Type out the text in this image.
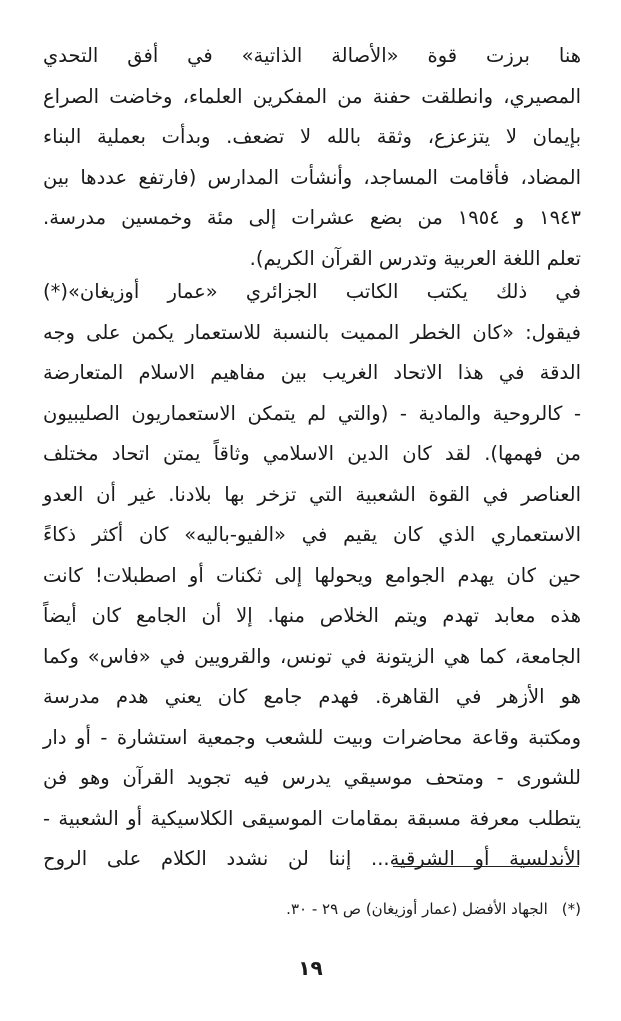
هنا برزت قوة «الأصالة الذاتية» في أفق التحدي
المصيري، وانطلقت حفنة من المفكرين العلماء، وخاضت الصراع
بإيمان لا يتزعزع، وثقة بالله لا تضعف. وبدأت بعملية البناء
المضاد، فأقامت المساجد، وأنشأت المدارس (فارتفع عددها بين
١٩٤٣ و ١٩٥٤ من بضع عشرات إلى مئة وخمسين مدرسة.
تعلم اللغة العربية وتدرس القرآن الكريم).
في ذلك يكتب الكاتب الجزائري «عمار أوزيغان»(*)
فيقول: «كان الخطر المميت بالنسبة للاستعمار يكمن على وجه
الدقة في هذا الاتحاد الغريب بين مفاهيم الاسلام المتعارضة
- كالروحية والمادية - (والتي لم يتمكن الاستعماريون الصليبيون
من فهمها). لقد كان الدين الاسلامي وثاقاً يمتن اتحاد مختلف
العناصر في القوة الشعبية التي تزخر بها بلادنا. غير أن العدو
الاستعماري الذي كان يقيم في «الفيو-باليه» كان أكثر ذكاءً
حين كان يهدم الجوامع ويحولها إلى ثكنات أو اصطبلات! كانت
هذه معابد تهدم ويتم الخلاص منها. إلا أن الجامع كان أيضاً
الجامعة، كما هي الزيتونة في تونس، والقرويين في «فاس» وكما
هو الأزهر في القاهرة. فهدم جامع كان يعني هدم مدرسة
ومكتبة وقاعة محاضرات وبيت للشعب وجمعية استشارة - أو دار
للشورى - ومتحف موسيقي يدرس فيه تجويد القرآن وهو فن
يتطلب معرفة مسبقة بمقامات الموسيقى الكلاسيكية أو الشعبية -
الأندلسية أو الشرقية... إننا لن نشدد الكلام على الروح
(*)الجهاد الأفضل (عمار أوزيغان) ص ٢٩ - ٣٠.
١٩
